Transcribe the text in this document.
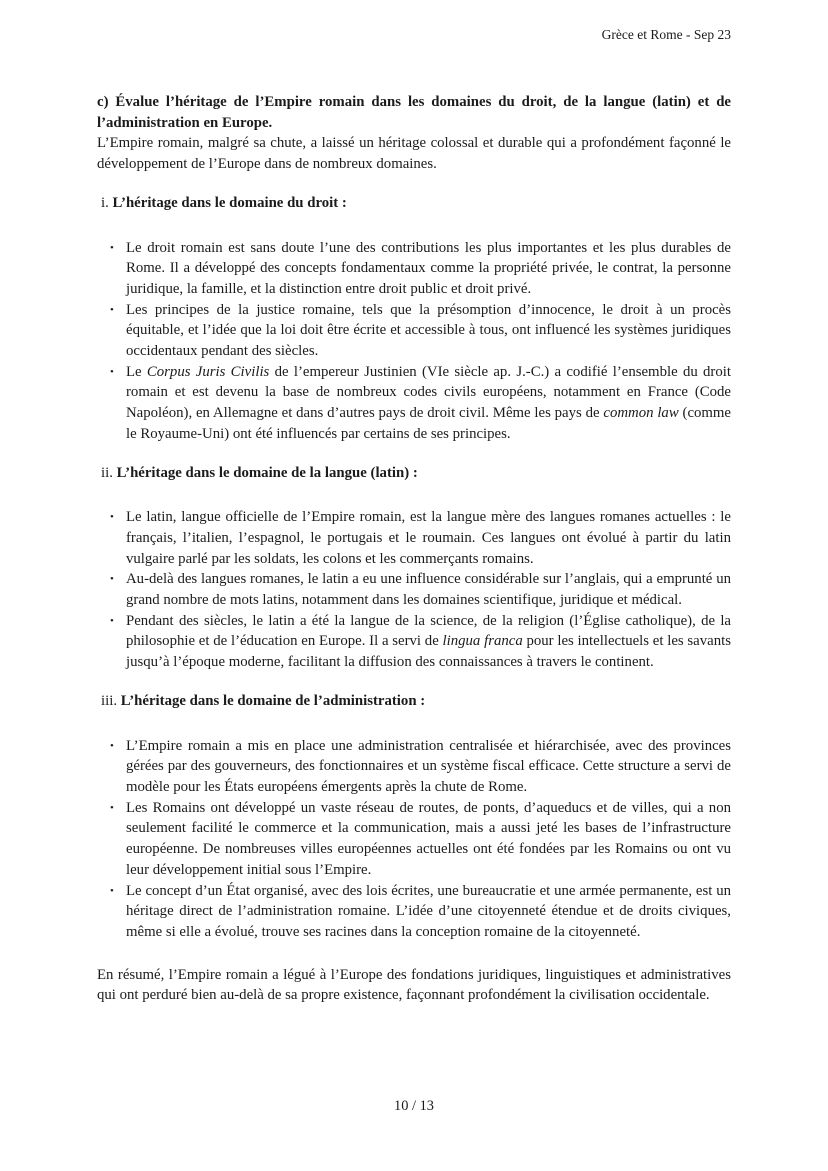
Grèce et Rome - Sep 23

c) Évalue l’héritage de l’Empire romain dans les domaines du droit, de la langue (latin) et de l’administration en Europe.

L’Empire romain, malgré sa chute, a laissé un héritage colossal et durable qui a profondément façonné le développement de l’Europe dans de nombreux domaines.

i. L’héritage dans le domaine du droit :

• Le droit romain est sans doute l’une des contributions les plus importantes et les plus durables de Rome. Il a développé des concepts fondamentaux comme la propriété privée, le contrat, la personne juridique, la famille, et la distinction entre droit public et droit privé.
• Les principes de la justice romaine, tels que la présomption d’innocence, le droit à un procès équitable, et l’idée que la loi doit être écrite et accessible à tous, ont influencé les systèmes juridiques occidentaux pendant des siècles.
• Le Corpus Juris Civilis de l’empereur Justinien (VIe siècle ap. J.-C.) a codifié l’ensemble du droit romain et est devenu la base de nombreux codes civils européens, notamment en France (Code Napoléon), en Allemagne et dans d’autres pays de droit civil. Même les pays de common law (comme le Royaume-Uni) ont été influencés par certains de ses principes.

ii. L’héritage dans le domaine de la langue (latin) :

• Le latin, langue officielle de l’Empire romain, est la langue mère des langues romanes actuelles : le français, l’italien, l’espagnol, le portugais et le roumain. Ces langues ont évolué à partir du latin vulgaire parlé par les soldats, les colons et les commerçants romains.
• Au-delà des langues romanes, le latin a eu une influence considérable sur l’anglais, qui a emprunté un grand nombre de mots latins, notamment dans les domaines scientifique, juridique et médical.
• Pendant des siècles, le latin a été la langue de la science, de la religion (l’Église catholique), de la philosophie et de l’éducation en Europe. Il a servi de lingua franca pour les intellectuels et les savants jusqu’à l’époque moderne, facilitant la diffusion des connaissances à travers le continent.

iii. L’héritage dans le domaine de l’administration :

• L’Empire romain a mis en place une administration centralisée et hiérarchisée, avec des provinces gérées par des gouverneurs, des fonctionnaires et un système fiscal efficace. Cette structure a servi de modèle pour les États européens émergents après la chute de Rome.
• Les Romains ont développé un vaste réseau de routes, de ponts, d’aqueducs et de villes, qui a non seulement facilité le commerce et la communication, mais a aussi jeté les bases de l’infrastructure européenne. De nombreuses villes européennes actuelles ont été fondées par les Romains ou ont vu leur développement initial sous l’Empire.
• Le concept d’un État organisé, avec des lois écrites, une bureaucratie et une armée permanente, est un héritage direct de l’administration romaine. L’idée d’une citoyenneté étendue et de droits civiques, même si elle a évolué, trouve ses racines dans la conception romaine de la citoyenneté.

En résumé, l’Empire romain a légué à l’Europe des fondations juridiques, linguistiques et administratives qui ont perduré bien au-delà de sa propre existence, façonnant profondément la civilisation occidentale.

10 / 13
